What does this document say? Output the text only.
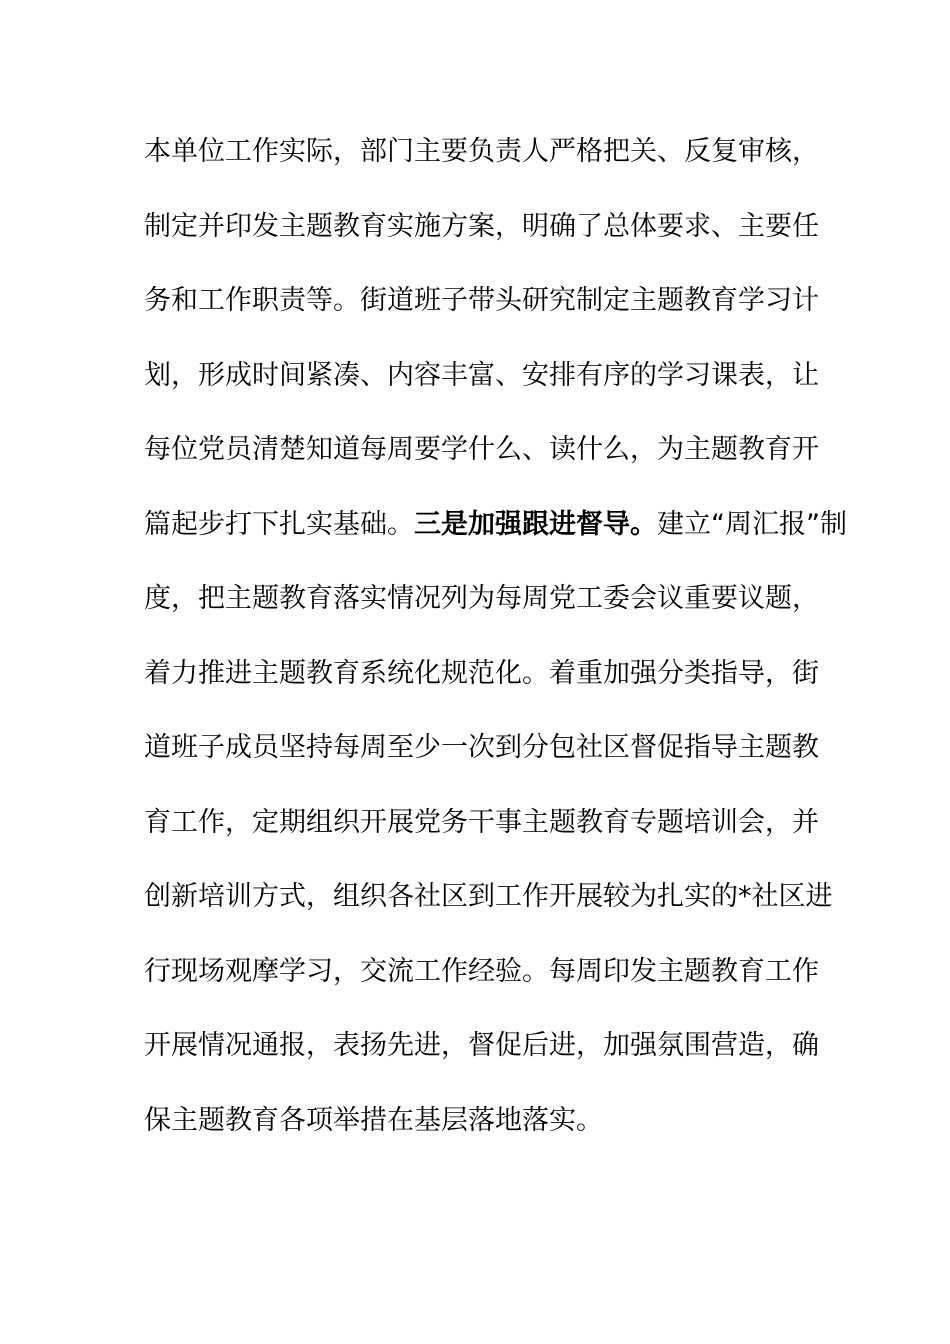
本单位工作实际，部门主要负责人严格把关、反复审核，
制定并印发主题教育实施方案，明确了总体要求、主要任
务和工作职责等。街道班子带头研究制定主题教育学习计
划，形成时间紧凑、内容丰富、安排有序的学习课表，让
每位党员清楚知道每周要学什么、读什么，为主题教育开
篇起步打下扎实基础。三是加强跟进督导。建立“周汇报”制
度，把主题教育落实情况列为每周党工委会议重要议题，
着力推进主题教育系统化规范化。着重加强分类指导，街
道班子成员坚持每周至少一次到分包社区督促指导主题教
育工作，定期组织开展党务干事主题教育专题培训会，并
创新培训方式，组织各社区到工作开展较为扎实的*社区进
行现场观摩学习，交流工作经验。每周印发主题教育工作
开展情况通报，表扬先进，督促后进，加强氛围营造，确
保主题教育各项举措在基层落地落实。
